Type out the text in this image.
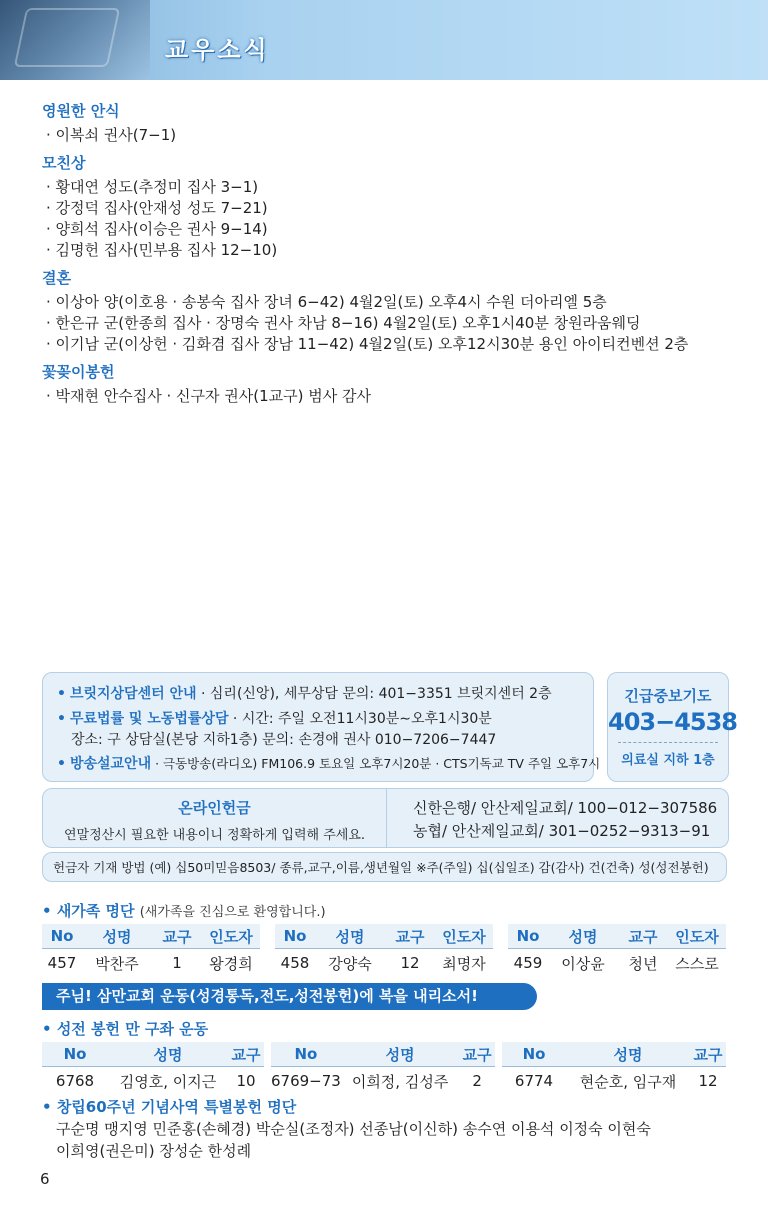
교우소식
영원한 안식
· 이복쇠 권사(7−1)
모친상
· 황대연 성도(추정미 집사 3−1)
· 강정덕 집사(안재성 성도 7−21)
· 양희석 집사(이승은 권사 9−14)
· 김명헌 집사(민부용 집사 12−10)
결혼
· 이상아 양(이호용 · 송봉숙 집사 장녀 6−42) 4월2일(토) 오후4시 수원 더아리엘 5층
· 한은규 군(한종희 집사 · 장명숙 권사 차남 8−16) 4월2일(토) 오후1시40분 창원라움웨딩
· 이기남 군(이상헌 · 김화겸 집사 장남 11−42) 4월2일(토) 오후12시30분 용인 아이티컨벤션 2층
꽃꽂이봉헌
· 박재현 안수집사 · 신구자 권사(1교구) 범사 감사
• 브릿지상담센터 안내 · 심리(신앙), 세무상담 문의: 401−3351 브릿지센터 2층
• 무료법률 및 노동법률상담 · 시간: 주일 오전11시30분∼오후1시30분
장소: 구 상담실(본당 지하1층) 문의: 손경애 권사 010−7206−7447
• 방송설교안내 · 극동방송(라디오) FM106.9 토요일 오후7시20분 · CTS기독교 TV 주일 오후7시
긴급중보기도
403−4538
의료실 지하 1층
온라인헌금
연말정산시 필요한 내용이니 정확하게 입력해 주세요.
신한은행/ 안산제일교회/ 100−012−307586
농협/ 안산제일교회/ 301−0252−9313−91
헌금자 기재 방법 (예) 십50미믿음8503/ 종류,교구,이름,생년월일 ※주(주일) 십(십일조) 감(감사) 건(건축) 성(성전봉헌)
• 새가족 명단 (새가족을 진심으로 환영합니다.)
No	성명	교구	인도자
457	박찬주	1	왕경희
No	성명	교구	인도자
458	강양숙	12	최명자
No	성명	교구	인도자
459	이상윤	청년	스스로
주님! 삼만교회 운동(성경통독,전도,성전봉헌)에 복을 내리소서!
• 성전 봉헌 만 구좌 운동
No	성명	교구
6768	김영호, 이지근	10
No	성명	교구
6769−73	이희정, 김성주	2
No	성명	교구
6774	현순호, 임구재	12
• 창립60주년 기념사역 특별봉헌 명단
구순명 맹지영 민준홍(손혜경) 박순실(조정자) 선종남(이신하) 송수연 이용석 이정숙 이현숙
이희영(권은미) 장성순 한성례
6
